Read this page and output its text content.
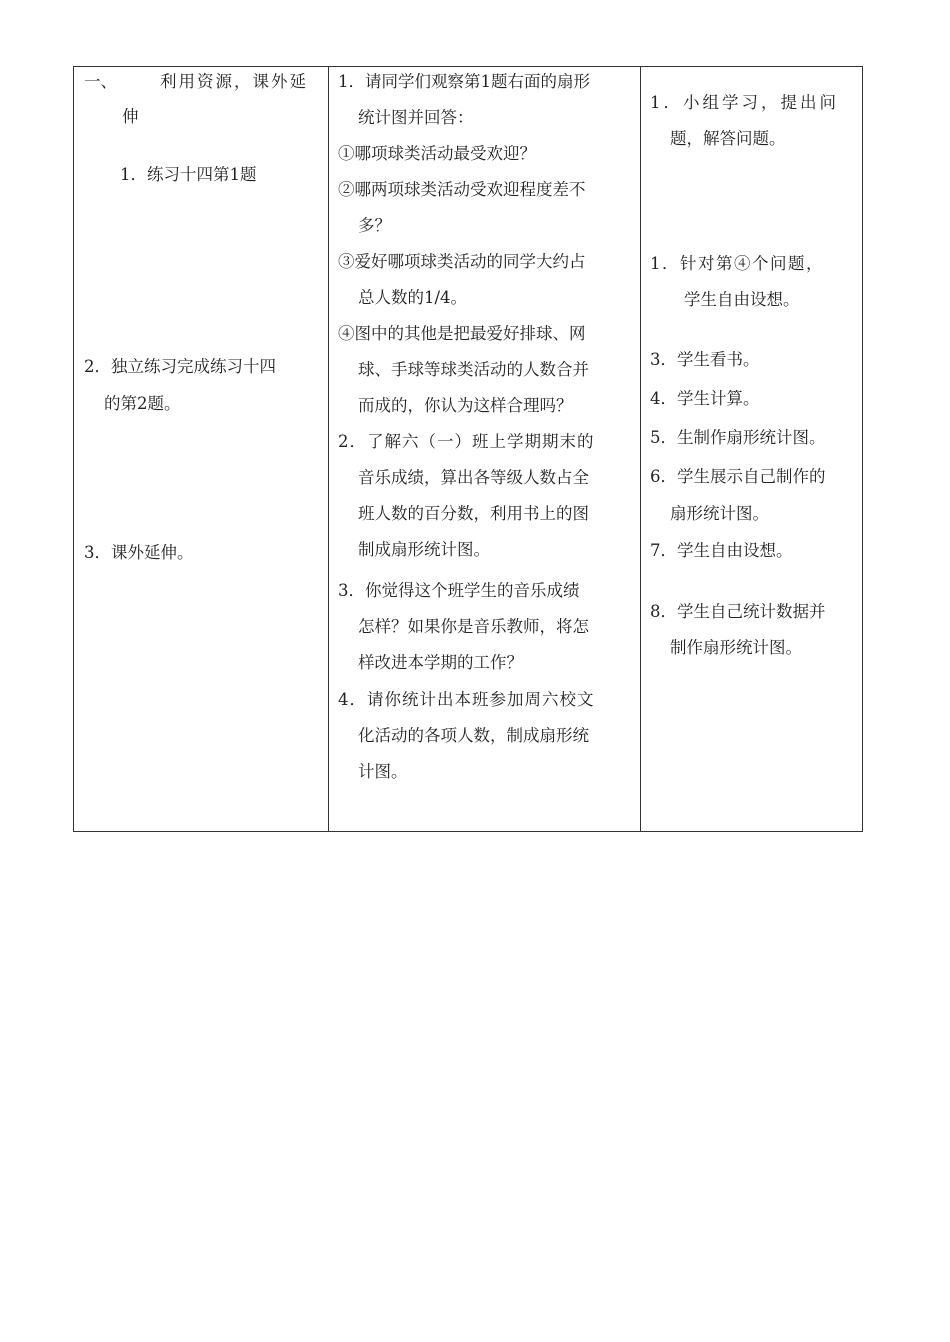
一、	利用资源，课外延
伸
1．练习十四第1题
2．独立练习完成练习十四
的第2题。
3．课外延伸。
1．请同学们观察第1题右面的扇形
统计图并回答：
①哪项球类活动最受欢迎？
②哪两项球类活动受欢迎程度差不
多？
③爱好哪项球类活动的同学大约占
总人数的1/4。
④图中的其他是把最爱好排球、网
球、手球等球类活动的人数合并
而成的，你认为这样合理吗？
2．了解六（一）班上学期期末的
音乐成绩，算出各等级人数占全
班人数的百分数，利用书上的图
制成扇形统计图。
3．你觉得这个班学生的音乐成绩
怎样？如果你是音乐教师，将怎
样改进本学期的工作？
4．请你统计出本班参加周六校文
化活动的各项人数，制成扇形统
计图。
1．小组学习，提出问
题，解答问题。
1．针对第④个问题，
学生自由设想。
3．学生看书。
4．学生计算。
5．生制作扇形统计图。
6．学生展示自己制作的
扇形统计图。
7．学生自由设想。
8．学生自己统计数据并
制作扇形统计图。
